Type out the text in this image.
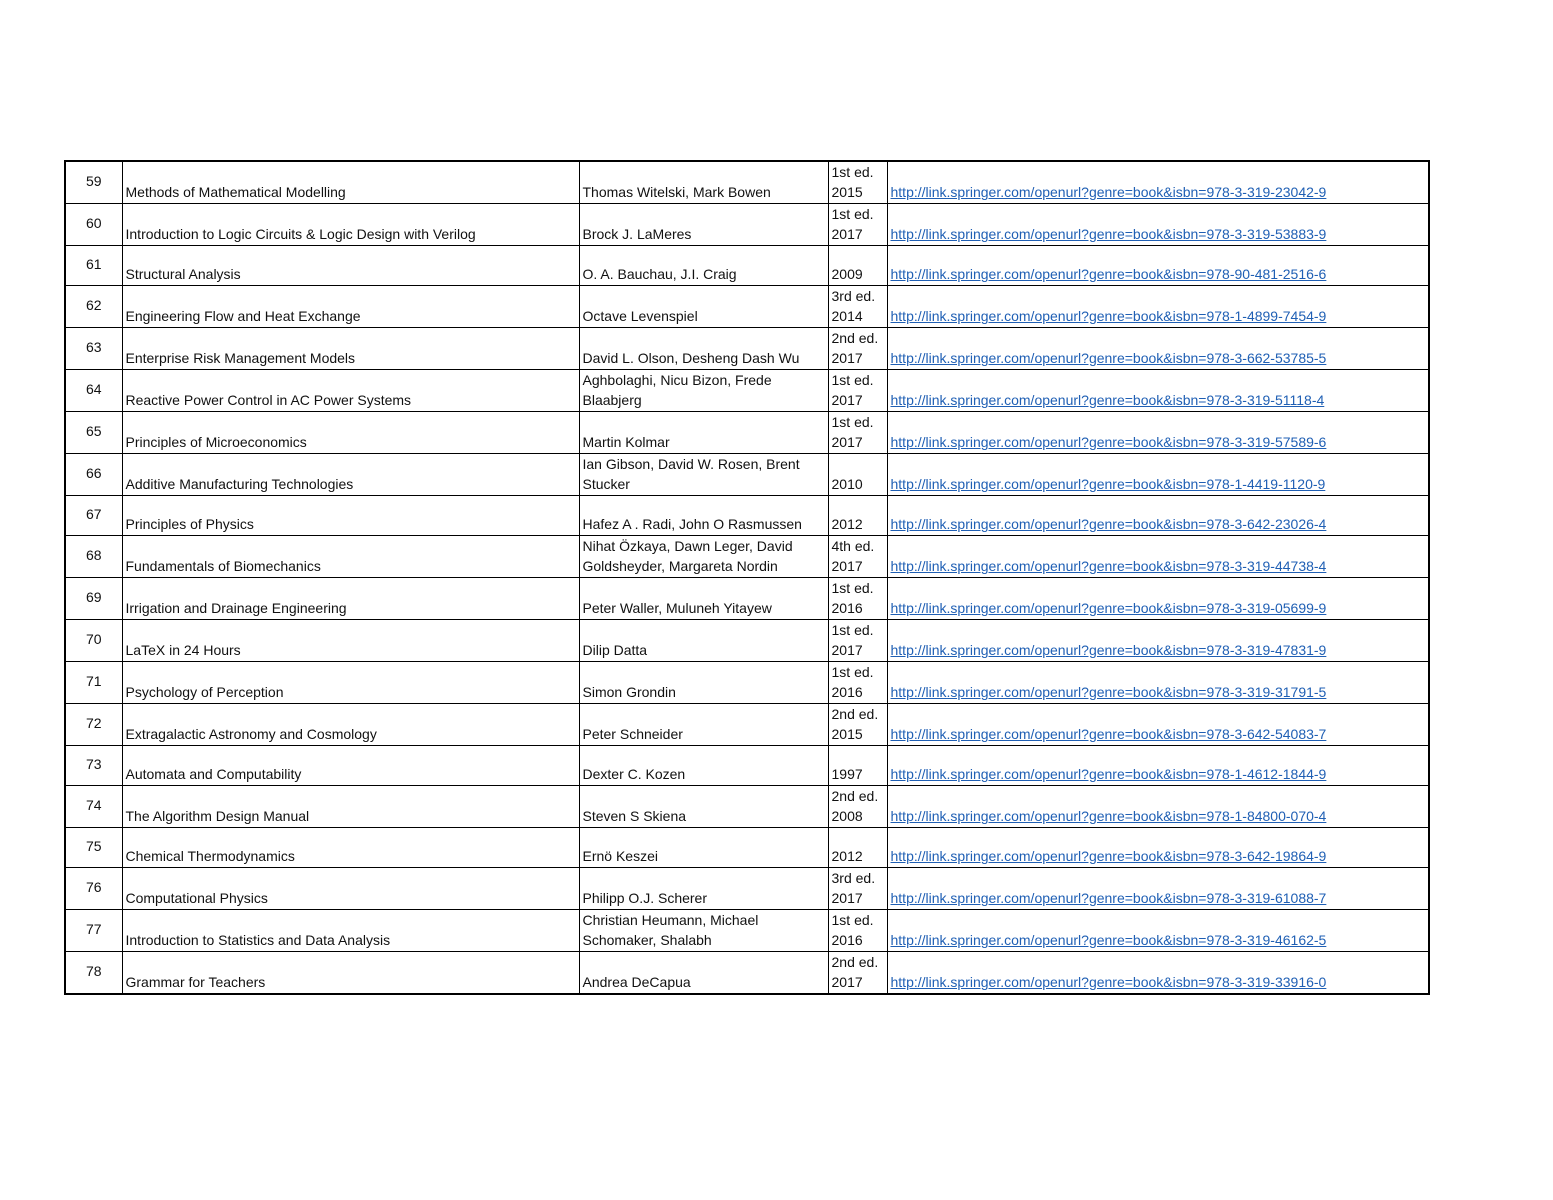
59	Methods of Mathematical Modelling	Thomas Witelski, Mark Bowen	1st ed. 2015	http://link.springer.com/openurl?genre=book&isbn=978-3-319-23042-9

60	Introduction to Logic Circuits & Logic Design with Verilog	Brock J. LaMeres	1st ed. 2017	http://link.springer.com/openurl?genre=book&isbn=978-3-319-53883-9

61	Structural Analysis	O. A. Bauchau, J.I. Craig	2009	http://link.springer.com/openurl?genre=book&isbn=978-90-481-2516-6

62	Engineering Flow and Heat Exchange	Octave Levenspiel	3rd ed. 2014	http://link.springer.com/openurl?genre=book&isbn=978-1-4899-7454-9

63	Enterprise Risk Management Models	David L. Olson, Desheng Dash Wu	2nd ed. 2017	http://link.springer.com/openurl?genre=book&isbn=978-3-662-53785-5

64	Reactive Power Control in AC Power Systems	Aghbolaghi, Nicu Bizon, Frede Blaabjerg	1st ed. 2017	http://link.springer.com/openurl?genre=book&isbn=978-3-319-51118-4

65	Principles of Microeconomics	Martin Kolmar	1st ed. 2017	http://link.springer.com/openurl?genre=book&isbn=978-3-319-57589-6

66	Additive Manufacturing Technologies	Ian Gibson, David W. Rosen, Brent Stucker	2010	http://link.springer.com/openurl?genre=book&isbn=978-1-4419-1120-9

67	Principles of Physics	Hafez A . Radi, John O Rasmussen	2012	http://link.springer.com/openurl?genre=book&isbn=978-3-642-23026-4

68	Fundamentals of Biomechanics	Nihat Özkaya, Dawn Leger, David Goldsheyder, Margareta Nordin	4th ed. 2017	http://link.springer.com/openurl?genre=book&isbn=978-3-319-44738-4

69	Irrigation and Drainage Engineering	Peter Waller, Muluneh Yitayew	1st ed. 2016	http://link.springer.com/openurl?genre=book&isbn=978-3-319-05699-9

70	LaTeX in 24 Hours	Dilip Datta	1st ed. 2017	http://link.springer.com/openurl?genre=book&isbn=978-3-319-47831-9

71	Psychology of Perception	Simon Grondin	1st ed. 2016	http://link.springer.com/openurl?genre=book&isbn=978-3-319-31791-5

72	Extragalactic Astronomy and Cosmology	Peter Schneider	2nd ed. 2015	http://link.springer.com/openurl?genre=book&isbn=978-3-642-54083-7

73	Automata and Computability	Dexter C. Kozen	1997	http://link.springer.com/openurl?genre=book&isbn=978-1-4612-1844-9

74	The Algorithm Design Manual	Steven S Skiena	2nd ed. 2008	http://link.springer.com/openurl?genre=book&isbn=978-1-84800-070-4

75	Chemical Thermodynamics	Ernö Keszei	2012	http://link.springer.com/openurl?genre=book&isbn=978-3-642-19864-9

76	Computational Physics	Philipp O.J. Scherer	3rd ed. 2017	http://link.springer.com/openurl?genre=book&isbn=978-3-319-61088-7

77	Introduction to Statistics and Data Analysis	Christian Heumann, Michael Schomaker, Shalabh	1st ed. 2016	http://link.springer.com/openurl?genre=book&isbn=978-3-319-46162-5

78	Grammar for Teachers	Andrea DeCapua	2nd ed. 2017	http://link.springer.com/openurl?genre=book&isbn=978-3-319-33916-0
